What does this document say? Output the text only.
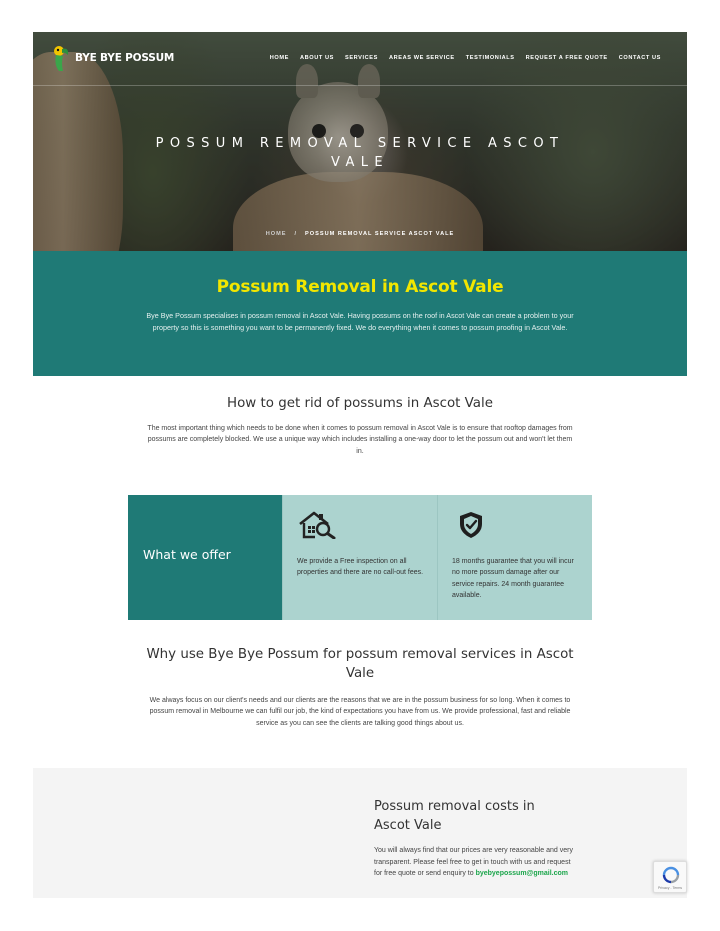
BYE BYE POSSUM	HOME ABOUT US SERVICES AREAS WE SERVICE TESTIMONIALS REQUEST A FREE QUOTE CONTACT US
POSSUM REMOVAL SERVICE ASCOT VALE
HOME / POSSUM REMOVAL SERVICE ASCOT VALE
Possum Removal in Ascot Vale

Bye Bye Possum specialises in possum removal in Ascot Vale. Having possums on the roof in Ascot Vale can create a problem to your property so this is something you want to be permanently fixed. We do everything when it comes to possum proofing in Ascot Vale.

How to get rid of possums in Ascot Vale

The most important thing which needs to be done when it comes to possum removal in Ascot Vale is to ensure that rooftop damages from possums are completely blocked. We use a unique way which includes installing a one-way door to let the possum out and won't let them in.

What we offer	We provide a Free inspection on all properties and there are no call-out fees.

18 months guarantee that you will incur no more possum damage after our service repairs. 24 month guarantee available.

Why use Bye Bye Possum for possum removal services in Ascot Vale

We always focus on our client's needs and our clients are the reasons that we are in the possum business for so long. When it comes to possum removal in Melbourne we can fulfil our job, the kind of expectations you have from us. We provide professional, fast and reliable service as you can see the clients are talking good things about us.

Possum removal costs in Ascot Vale

You will always find that our prices are very reasonable and very transparent. Please feel free to get in touch with us and request for free quote or send enquiry to byebyepossum@gmail.com

Privacy - Terms
